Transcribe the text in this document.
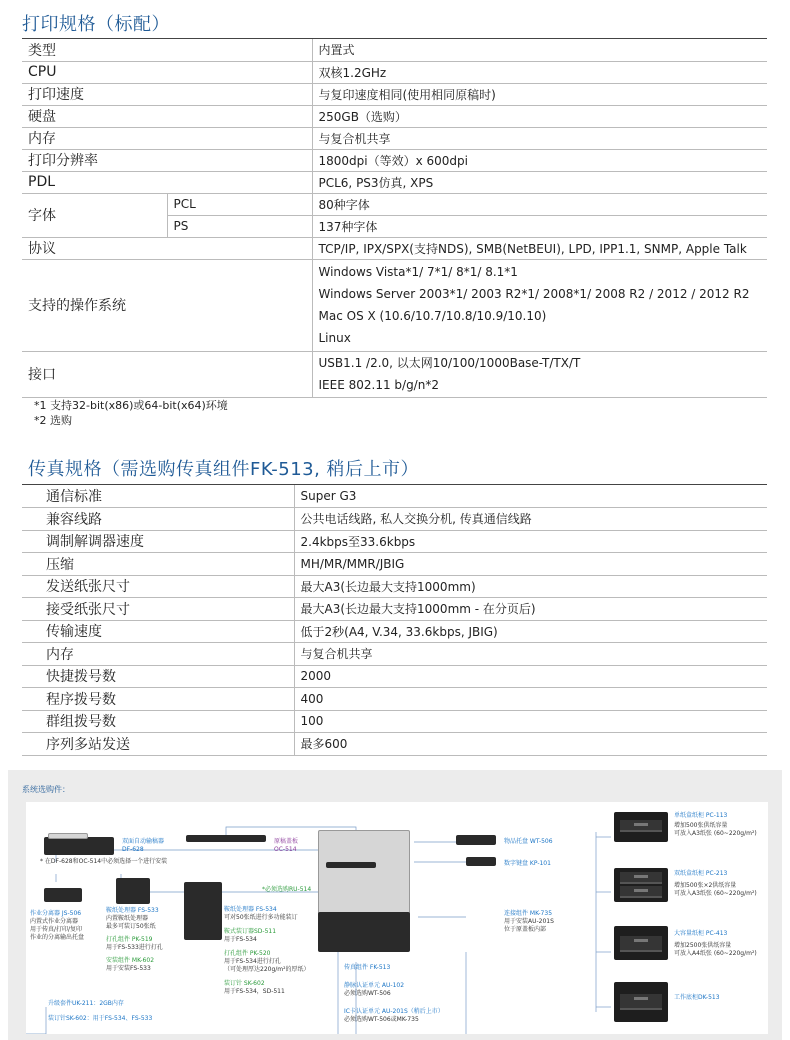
打印规格（标配）
类型		内置式
CPU		双核1.2GHz
打印速度		与复印速度相同(使用相同原稿时)
硬盘		250GB（选购）
内存		与复合机共享
打印分辨率		1800dpi（等效）x 600dpi
PDL		PCL6, PS3仿真, XPS
字体	PCL	80种字体
	PS	137种字体
协议		TCP/IP, IPX/SPX(支持NDS), SMB(NetBEUI), LPD, IPP1.1, SNMP, Apple Talk
支持的操作系统		Windows Vista*1/ 7*1/ 8*1/ 8.1*1
Windows Server 2003*1/ 2003 R2*1/ 2008*1/ 2008 R2 / 2012 / 2012 R2
Mac OS X (10.6/10.7/10.8/10.9/10.10)
Linux

接口		USB1.1 /2.0, 以太网10/100/1000Base-T/TX/T
IEEE 802.11 b/g/n*2
*1 支持32-bit(x86)或64-bit(x64)环境
*2 选购
传真规格（需选购传真组件FK-513, 稍后上市）
通信标准	Super G3
兼容线路	公共电话线路, 私人交换分机, 传真通信线路
调制解调器速度	2.4kbps至33.6kbps
压缩	MH/MR/MMR/JBIG
发送纸张尺寸	最大A3(长边最大支持1000mm)
接受纸张尺寸	最大A3(长边最大支持1000mm - 在分页后)
传输速度	低于2秒(A4, V.34, 33.6kbps, JBIG)
内存	与复合机共享
快捷拨号数	2000
程序拨号数	400
群组拨号数	100
序列多站发送	最多600
系统选购件：
双面自动输稿器
DF-628
原稿盖板
OC-514
* 在DF-628和OC-514中必须选择一个进行安装
物品托盘 WT-506
数字键盘 KP-101
连接组件 MK-735
用于安装AU-201S
位于原盖板内部
作业分离器 JS-506
内置式作业分离器
用于传真/打印/复印
作业的分离输出托盘
鞍纸处理器 FS-533
内置鞍纸处理器
最多可装订50张纸
打孔组件 PK-519
用于FS-533进行打孔
安装组件 MK-602
用于安装FS-533
*必须选购RU-514
鞍纸处理器 FS-534
可对50张纸进行多功能装订
鞍式装订器SD-511
用于FS-534
打孔组件 PK-520
用于FS-534进行打孔
（可处理厚达220g/m²的厚纸）
装订针 SK-602
用于FS-534，SD-511
升级套件UK-211：2GB内存
装订针SK-602：用于FS-534、FS-533
传真组件 FK-513
静脉认证单元 AU-102
必须选购WT-506
IC卡认证单元 AU-201S（稍后上市）
必须选购WT-506或MK-735
单纸盒纸柜 PC-113
增加500张供纸容量
可放入A3纸张 (60~220g/m²)
双纸盒纸柜 PC-213
增加500张×2供纸容量
可放入A3纸张 (60~220g/m²)
大容量纸柜 PC-413
增加2500张供纸容量
可放入A4纸张 (60~220g/m²)
工作底柜DK-513
